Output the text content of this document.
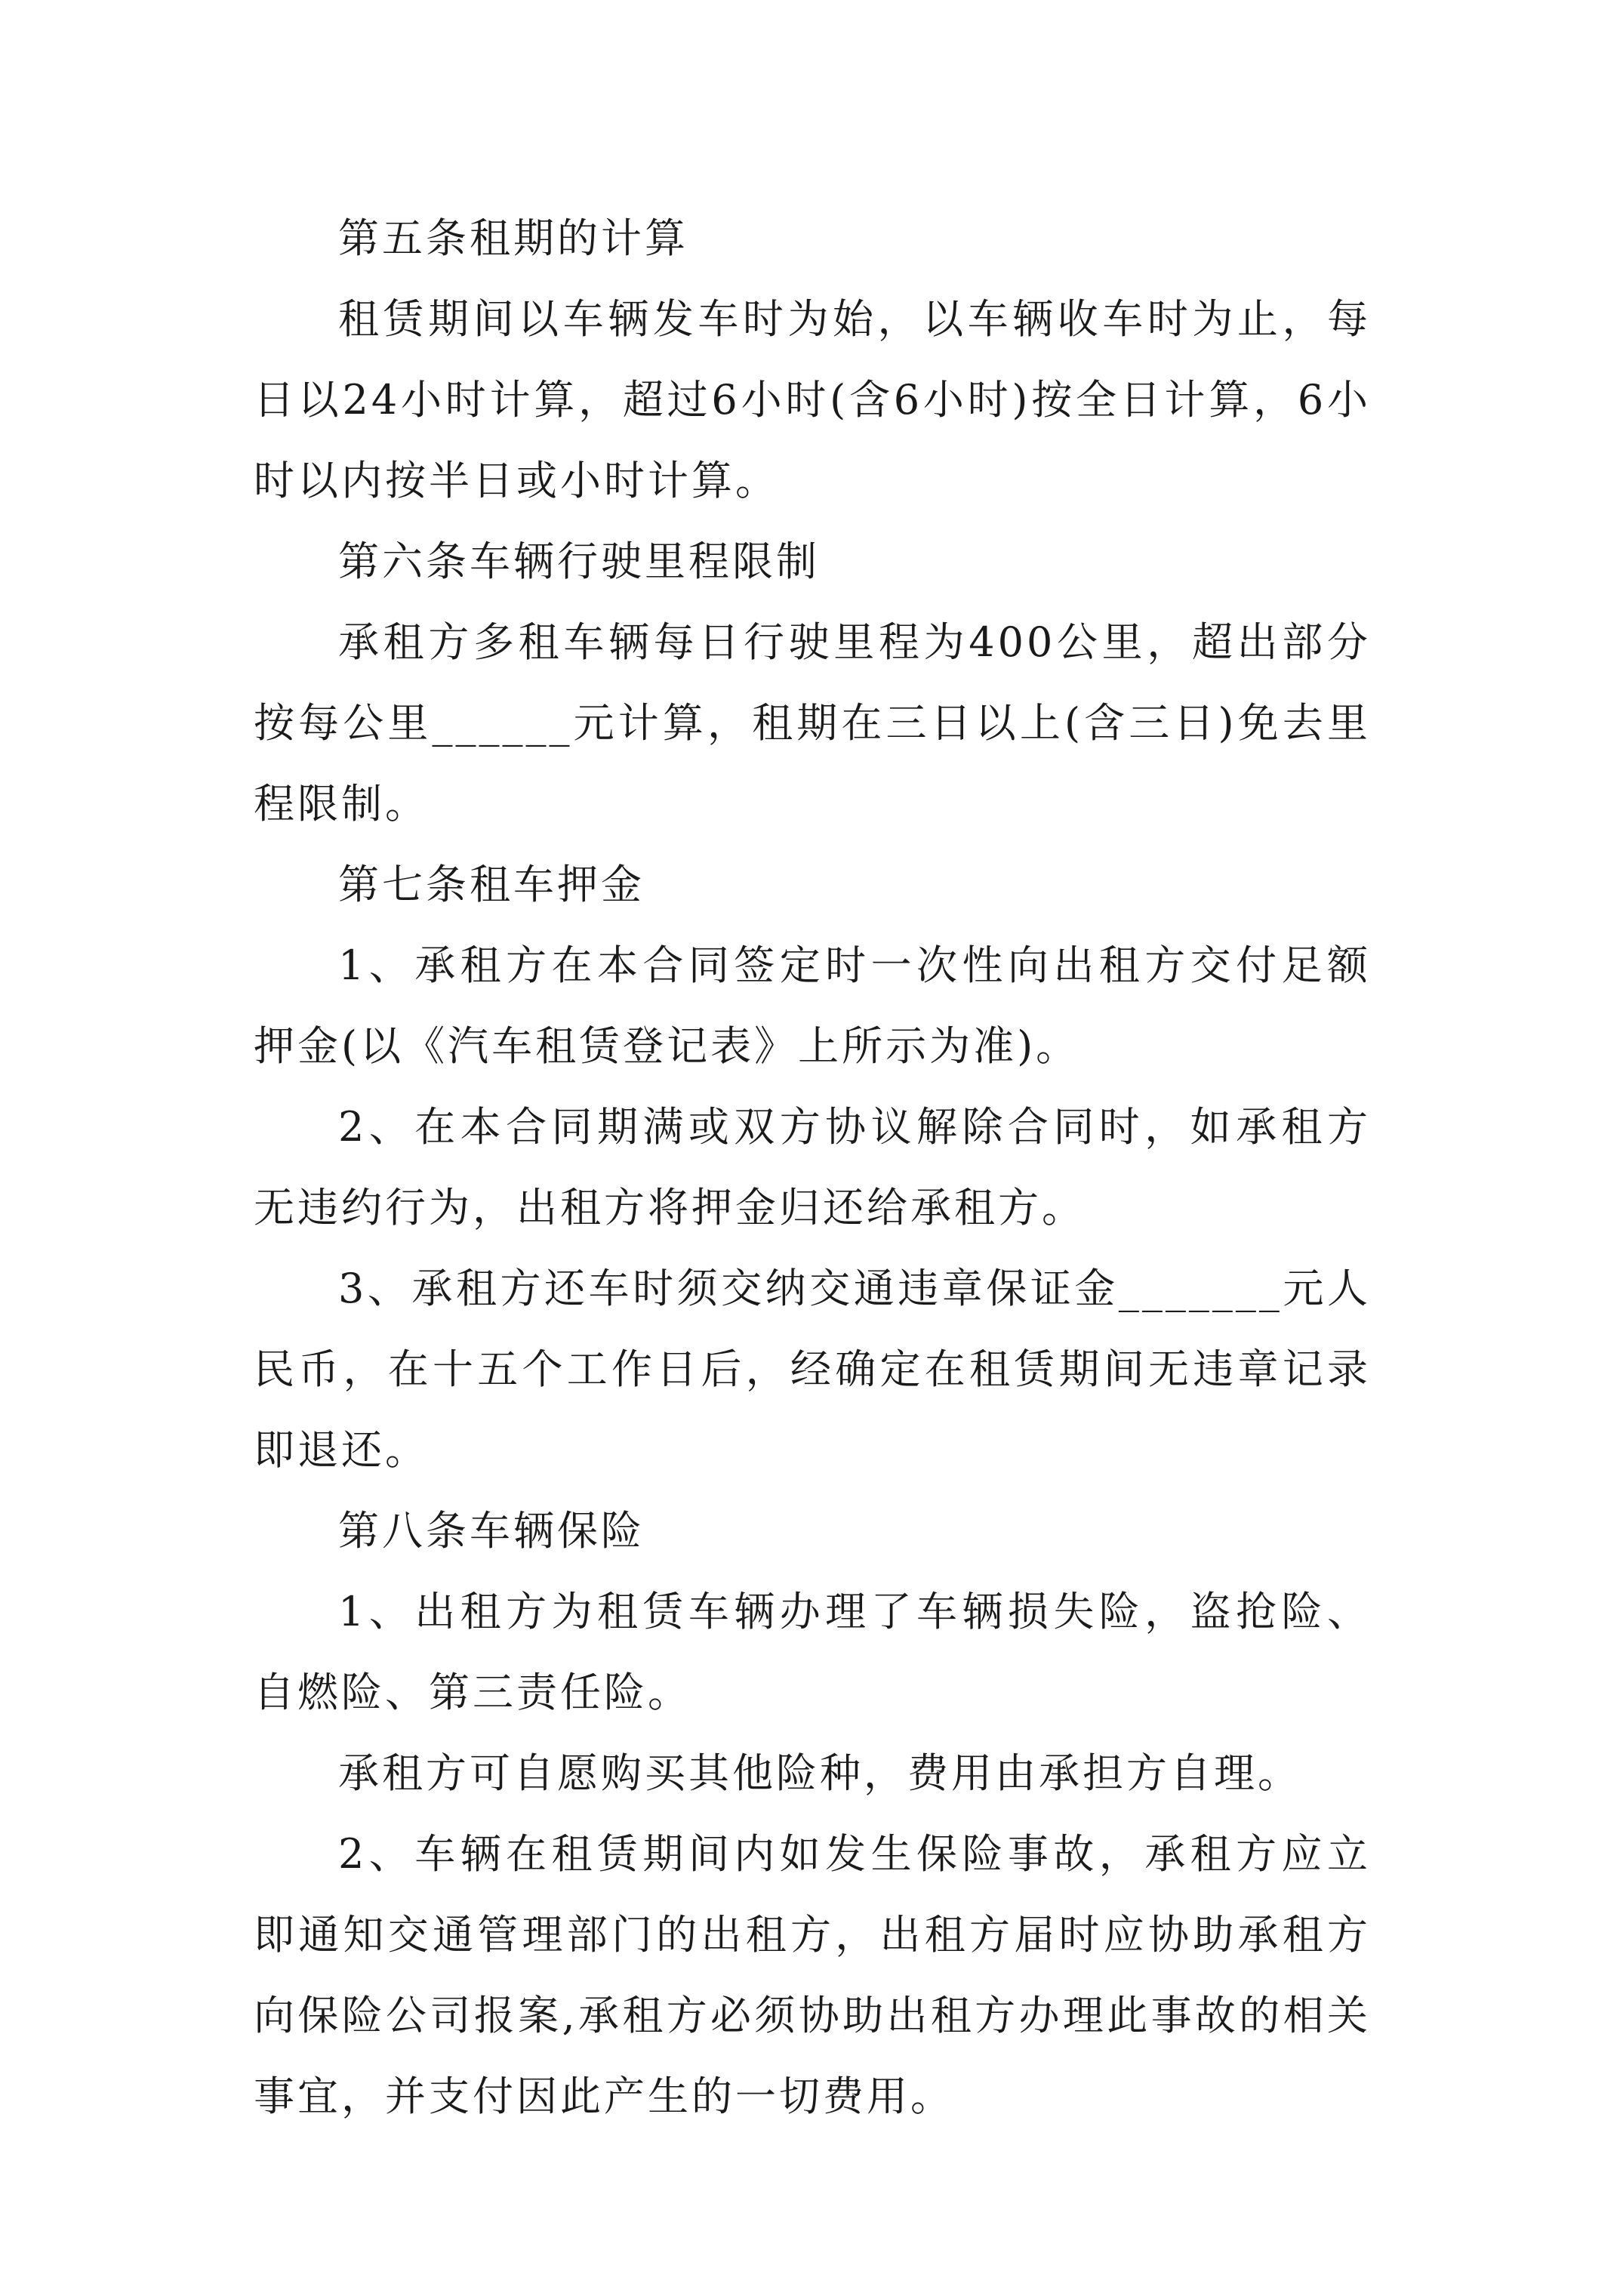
第五条租期的计算

租赁期间以车辆发车时为始，以车辆收车时为止，每日以24小时计算，超过6小时(含6小时)按全日计算，6小时以内按半日或小时计算。

第六条车辆行驶里程限制

承租方多租车辆每日行驶里程为400公里，超出部分按每公里______元计算，租期在三日以上(含三日)免去里程限制。

第七条租车押金

1、承租方在本合同签定时一次性向出租方交付足额押金(以《汽车租赁登记表》上所示为准)。

2、在本合同期满或双方协议解除合同时，如承租方无违约行为，出租方将押金归还给承租方。

3、承租方还车时须交纳交通违章保证金_______元人民币，在十五个工作日后，经确定在租赁期间无违章记录即退还。

第八条车辆保险

1、出租方为租赁车辆办理了车辆损失险，盗抢险、自燃险、第三责任险。

承租方可自愿购买其他险种，费用由承担方自理。

2、车辆在租赁期间内如发生保险事故，承租方应立即通知交通管理部门的出租方，出租方届时应协助承租方向保险公司报案,承租方必须协助出租方办理此事故的相关事宜，并支付因此产生的一切费用。
